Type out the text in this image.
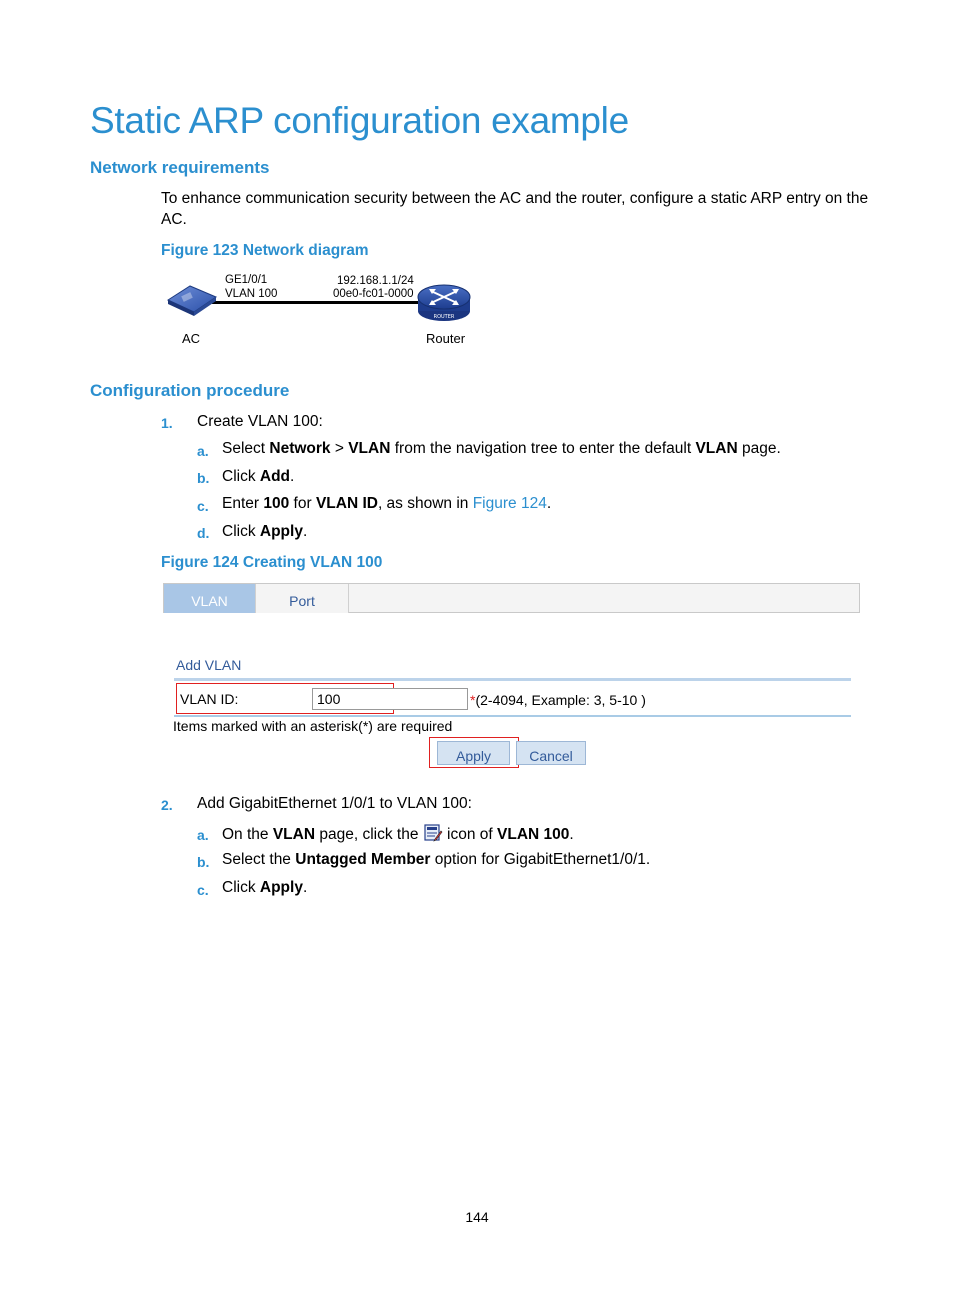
Static ARP configuration example
Network requirements
To enhance communication security between the AC and the router, configure a static ARP entry on the
AC.
Figure 123 Network diagram
GE1/0/1
VLAN 100
192.168.1.1/24
00e0-fc01-0000
AC
ROUTER
Router
Configuration procedure
1. Create VLAN 100:
a. Select Network > VLAN from the navigation tree to enter the default VLAN page.
b. Click Add.
c. Enter 100 for VLAN ID, as shown in Figure 124.
d. Click Apply.
Figure 124 Creating VLAN 100
VLAN	Port
Add VLAN
VLAN ID:
100	*(2-4094, Example: 3, 5-10 )
Items marked with an asterisk(*) are required
Apply	Cancel
2. Add GigabitEthernet 1/0/1 to VLAN 100:
a. On the VLAN page, click the  icon of VLAN 100.
b. Select the Untagged Member option for GigabitEthernet1/0/1.
c. Click Apply.
144
